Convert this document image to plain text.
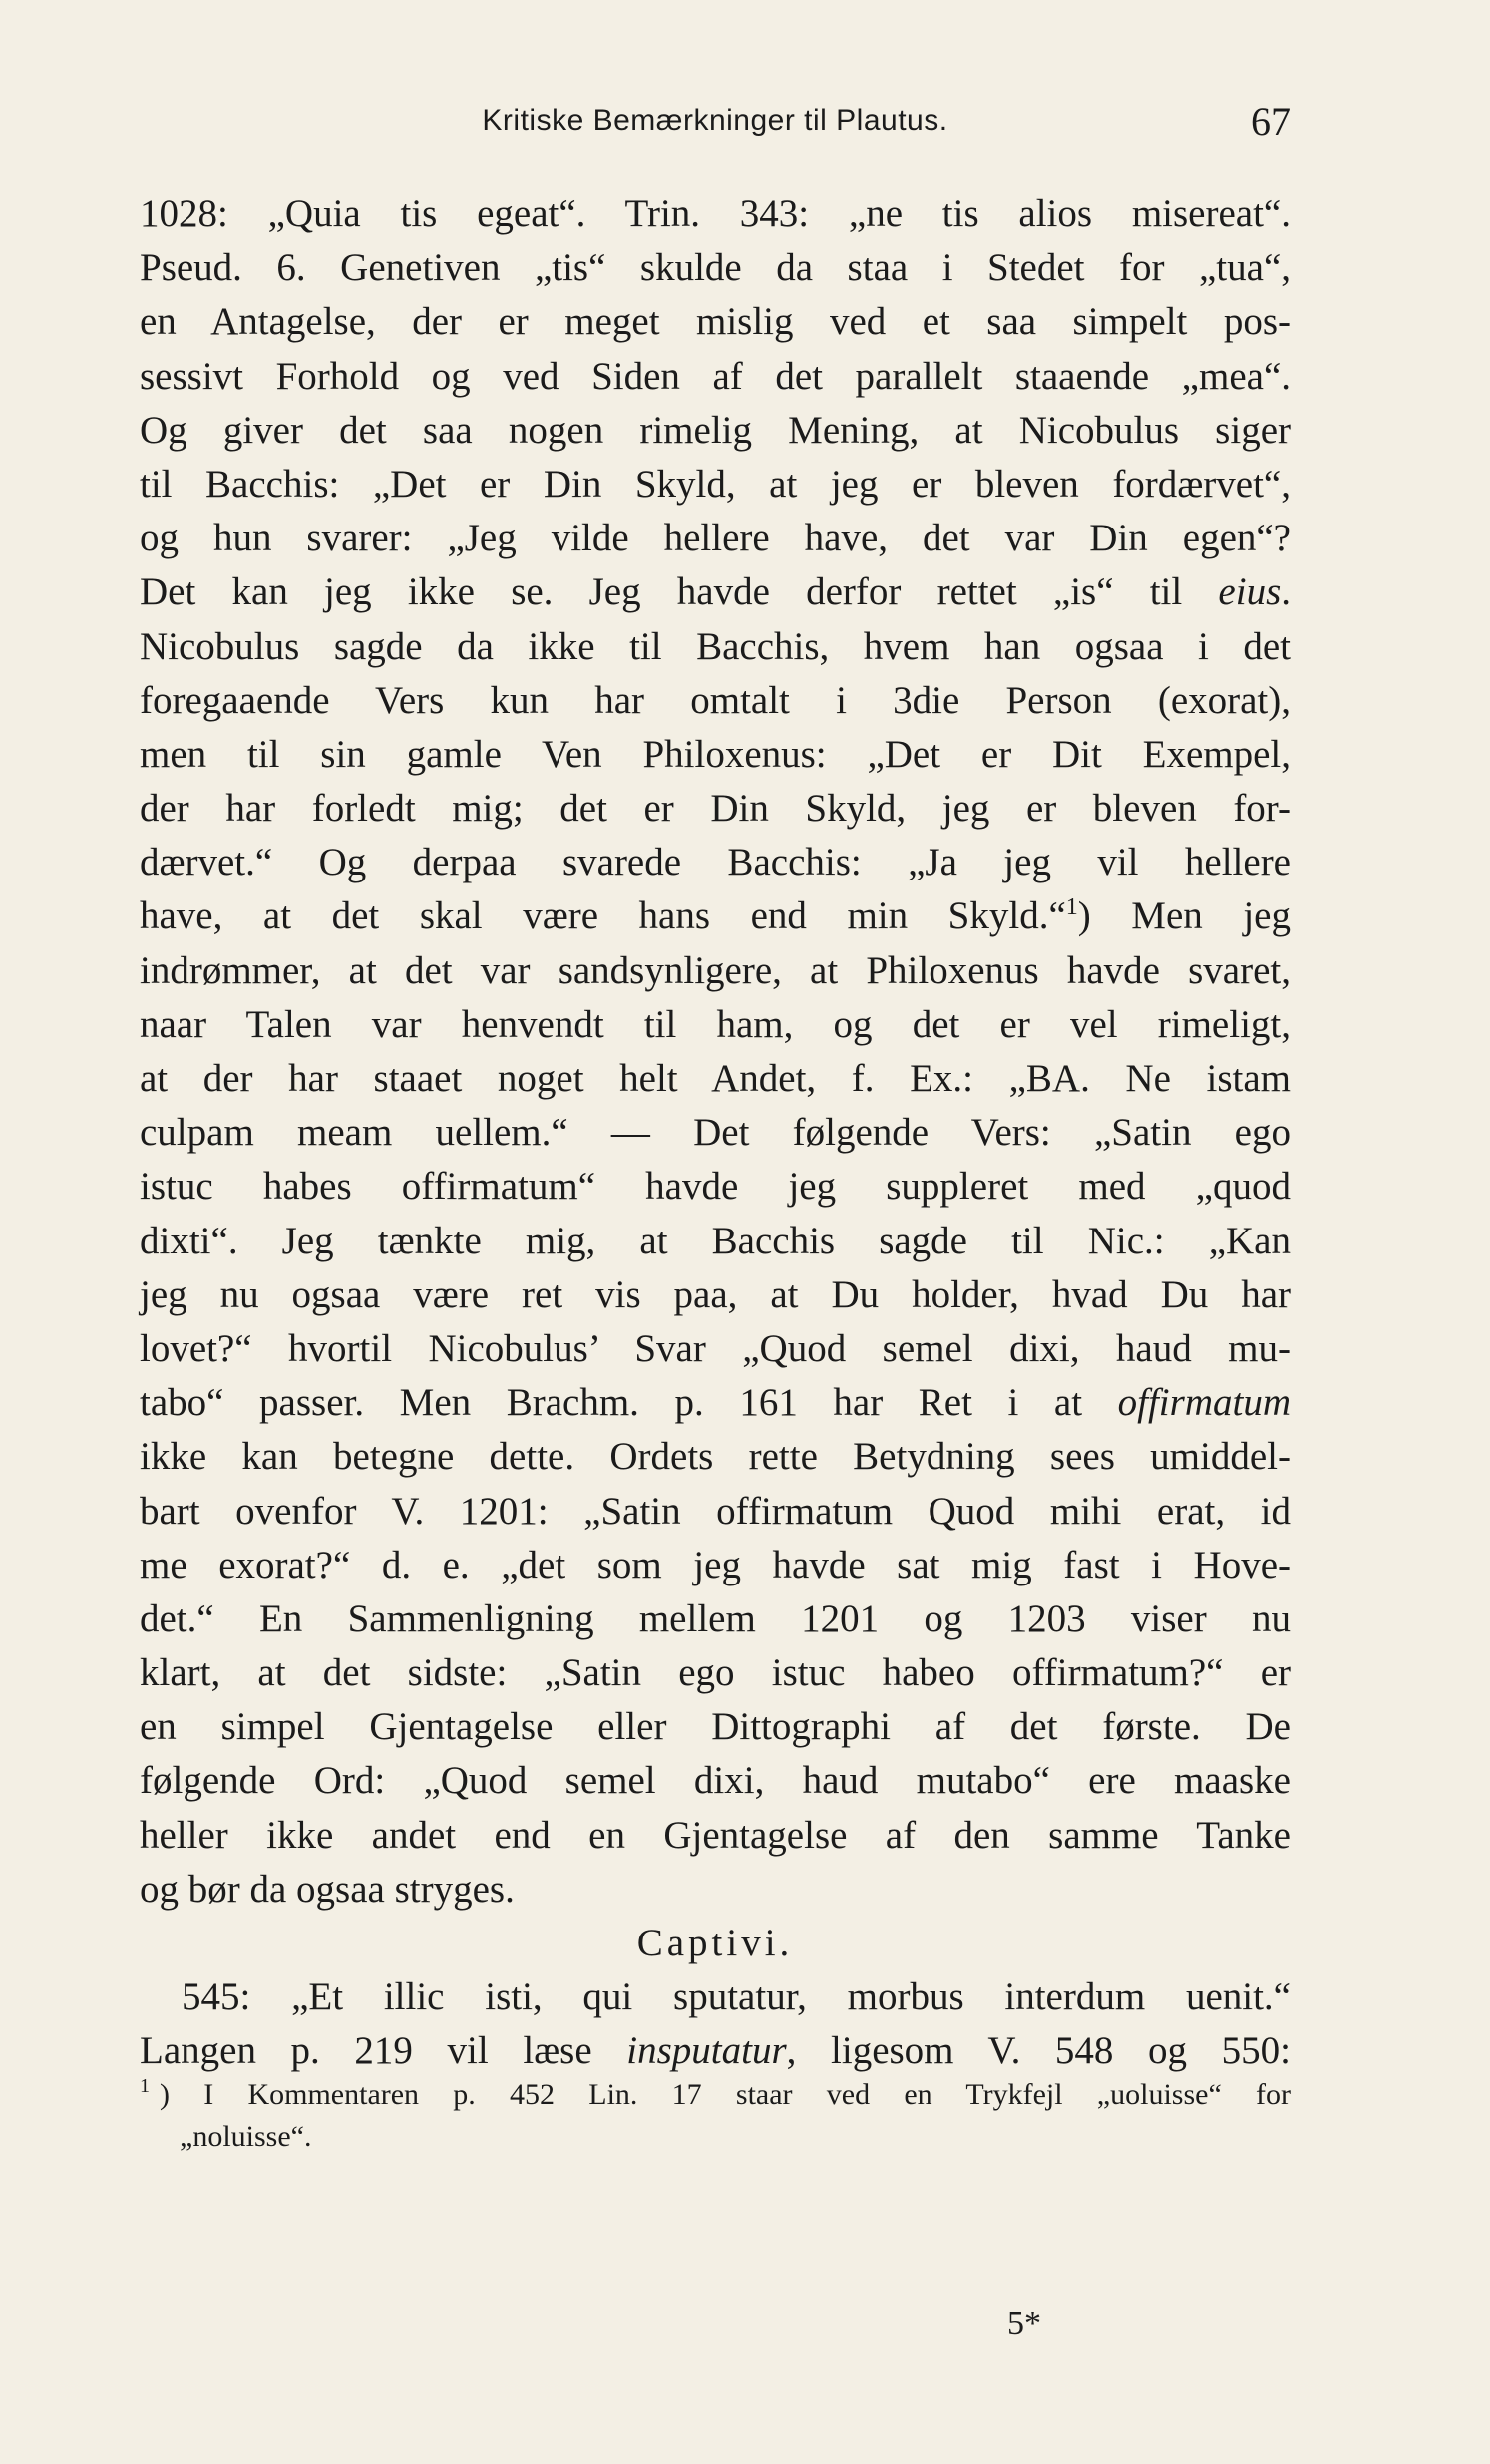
Kritiske Bemærkninger til Plautus.	67
1028: „Quia tis egeat“. Trin. 343: „ne tis alios misereat“.
Pseud. 6. Genetiven „tis“ skulde da staa i Stedet for „tua“,
en Antagelse, der er meget mislig ved et saa simpelt pos-
sessivt Forhold og ved Siden af det parallelt staaende „mea“.
Og giver det saa nogen rimelig Mening, at Nicobulus siger
til Bacchis: „Det er Din Skyld, at jeg er bleven fordærvet“,
og hun svarer: „Jeg vilde hellere have, det var Din egen“?
Det kan jeg ikke se. Jeg havde derfor rettet „is“ til eius.
Nicobulus sagde da ikke til Bacchis, hvem han ogsaa i det
foregaaende Vers kun har omtalt i 3die Person (exorat),
men til sin gamle Ven Philoxenus: „Det er Dit Exempel,
der har forledt mig; det er Din Skyld, jeg er bleven for-
dærvet.“ Og derpaa svarede Bacchis: „Ja jeg vil hellere
have, at det skal være hans end min Skyld.“$^1$) Men jeg
indrømmer, at det var sandsynligere, at Philoxenus havde svaret,
naar Talen var henvendt til ham, og det er vel rimeligt,
at der har staaet noget helt Andet, f. Ex.: „BA. Ne istam
culpam meam uellem.“ — Det følgende Vers: „Satin ego
istuc habes offirmatum“ havde jeg suppleret med „quod
dixti“. Jeg tænkte mig, at Bacchis sagde til Nic.: „Kan
jeg nu ogsaa være ret vis paa, at Du holder, hvad Du har
lovet?“ hvortil Nicobulus’ Svar „Quod semel dixi, haud mu-
tabo“ passer. Men Brachm. p. 161 har Ret i at offirmatum
ikke kan betegne dette. Ordets rette Betydning sees umiddel-
bart ovenfor V. 1201: „Satin offirmatum Quod mihi erat, id
me exorat?“ d. e. „det som jeg havde sat mig fast i Hove-
det.“ En Sammenligning mellem 1201 og 1203 viser nu
klart, at det sidste: „Satin ego istuc habeo offirmatum?“ er
en simpel Gjentagelse eller Dittographi af det første. De
følgende Ord: „Quod semel dixi, haud mutabo“ ere maaske
heller ikke andet end en Gjentagelse af den samme Tanke
og bør da ogsaa stryges.
Captivi.
545: „Et illic isti, qui sputatur, morbus interdum uenit.“
Langen p. 219 vil læse insputatur, ligesom V. 548 og 550:
$^1$ ) I Kommentaren p. 452 Lin. 17 staar ved en Trykfejl „uoluisse“ for
„noluisse“.
5*
